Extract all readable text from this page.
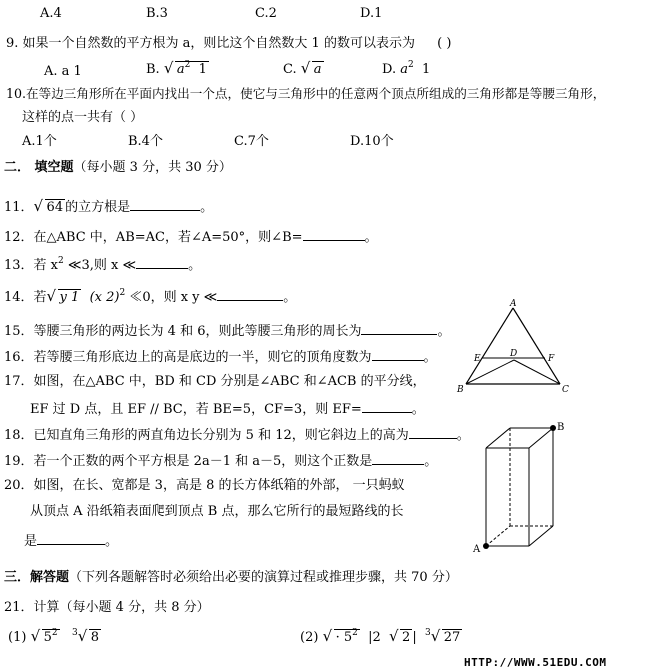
A.4	B.3	C.2	D.1
9. 如果一个自然数的平方根为 a，则比这个自然数大 1 的数可以表示为 ( )
A. a 1	B. √ $a^2$ 1	C. √ a	D. $a^2$ 1
10.在等边三角形所在平面内找出一个点，使它与三角形中的任意两个顶点所组成的三角形都是等腰三角形，
这样的点一共有（ ）
A.1个	B.4个	C.7个	D.10个
二． 填空题（每小题 3 分，共 30 分）
11． √ 64 的立方根是	。
12．在△ABC 中，AB=AC，若∠A=50°，则∠B=	。
13．若 $x^2$ ≪3,则 x ≪	。
14．若 √ y 1 (x 2)$^2$ ≪0，则 x y ≪	。
15．等腰三角形的两边长为 4 和 6，则此等腰三角形的周长为	。
16．若等腰三角形底边上的高是底边的一半，则它的顶角度数为	。
17．如图，在△ABC 中，BD 和 CD 分别是∠ABC 和∠ACB 的平分线，
EF 过 D 点，且 EF // BC，若 BE=5，CF=3，则 EF=	。
18．已知直角三角形的两直角边长分别为 5 和 12，则它斜边上的高为	。
19．若一个正数的两个平方根是 2a－1 和 a－5，则这个正数是	。
20．如图，在长、宽都是 3，高是 8 的长方体纸箱的外部， 一只蚂蚁
从顶点 A 沿纸箱表面爬到顶点 B 点，那么它所行的最短路线的长
是	。
三．解答题（下列各题解答时必须给出必要的演算过程或推理步骤，共 70 分）
21．计算（每小题 4 分，共 8 分）
(1) √ $5^2$ $^3$ √ 8	(2) √ · $5^2$  |2 √ 2 |  $^3$ √ 27
A
B	C
D
E	F
B
A
HTTP://WWW.51EDU.COM
